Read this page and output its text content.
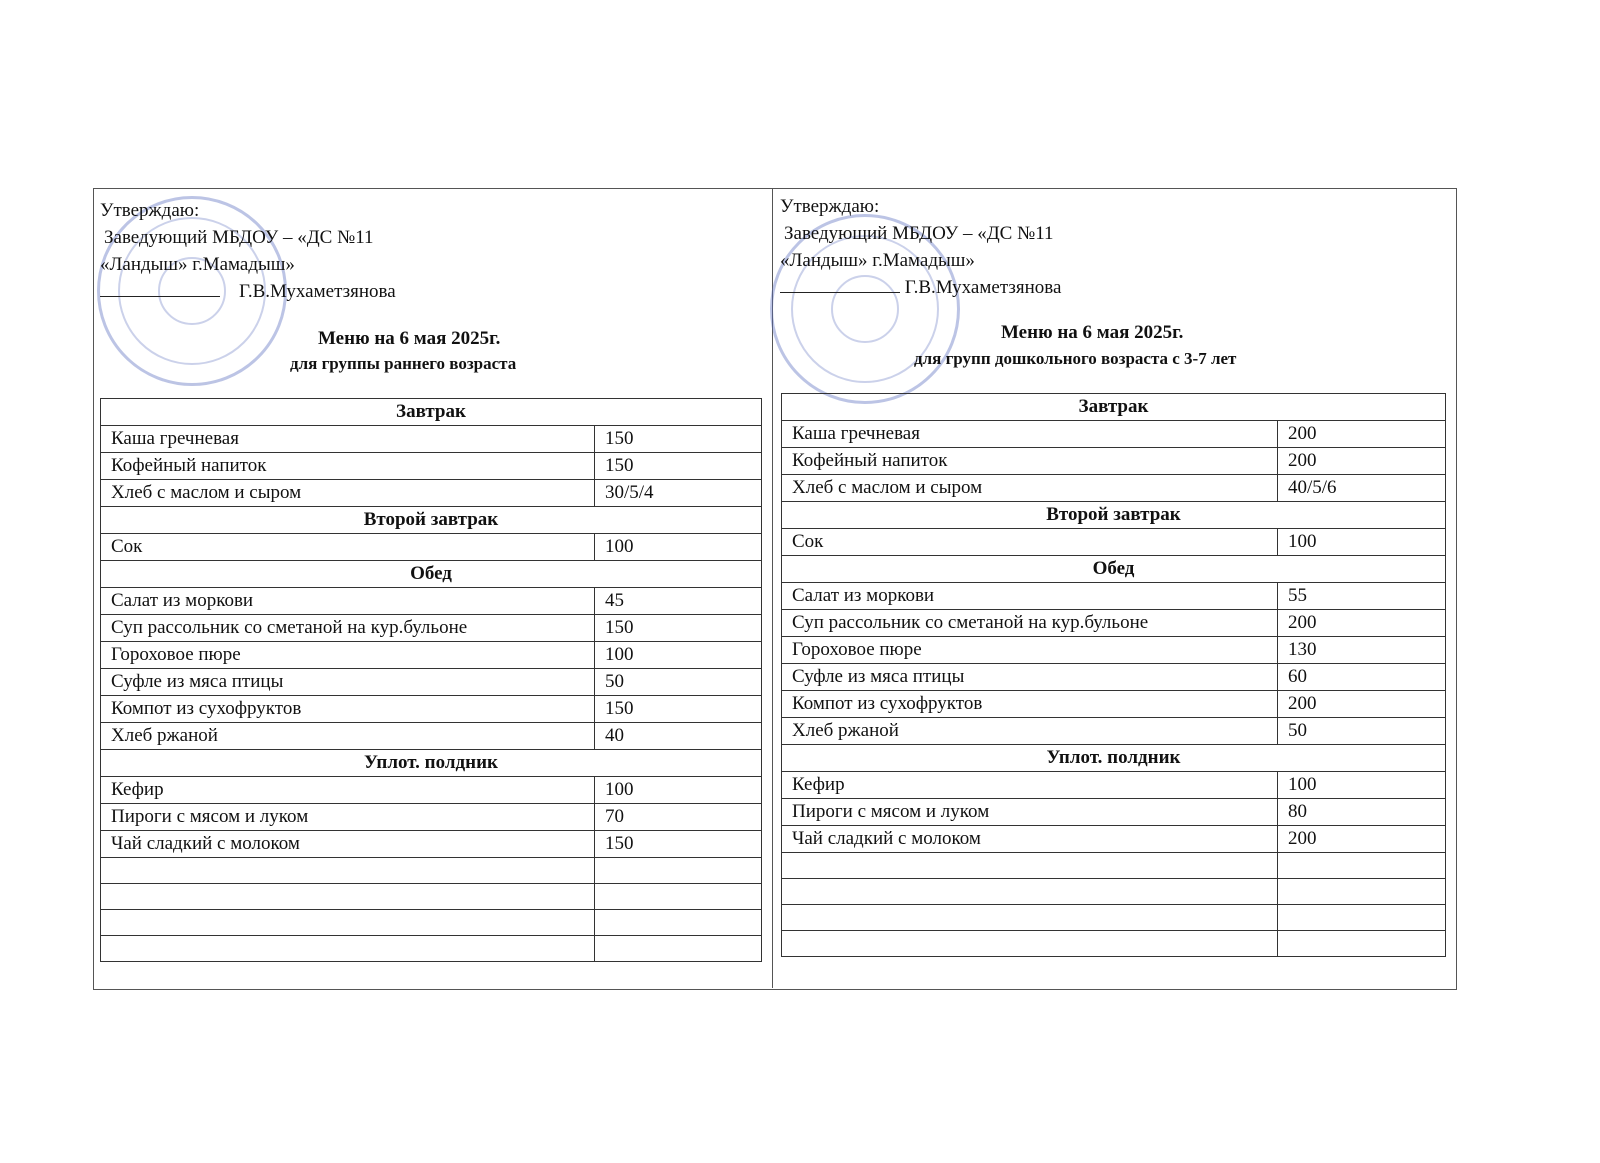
Утверждаю:
Заведующий МБДОУ – «ДС №11
«Ландыш» г.Мамадыш»
Г.В.Мухаметзянова
Меню на 6 мая 2025г.
для группы раннего возраста
Завтрак	
Каша гречневая	150
Кофейный напиток	150
Хлеб с маслом и сыром	30/5/4
Второй завтрак	
Сок	100
Обед	
Салат из моркови	45
Суп рассольник со сметаной на кур.бульоне	150
Гороховое пюре	100
Суфле из мяса птицы	50
Компот из сухофруктов	150
Хлеб ржаной	40
Уплот. полдник	
Кефир	100
Пироги с мясом и луком	70
Чай сладкий с молоком	150

Утверждаю:
Заведующий МБДОУ – «ДС №11
«Ландыш» г.Мамадыш»
Г.В.Мухаметзянова
Меню на 6 мая 2025г.
для групп дошкольного возраста с 3-7 лет
Завтрак	
Каша гречневая	200
Кофейный напиток	200
Хлеб с маслом и сыром	40/5/6
Второй завтрак	
Сок	100
Обед	
Салат из моркови	55
Суп рассольник со сметаной на кур.бульоне	200
Гороховое пюре	130
Суфле из мяса птицы	60
Компот из сухофруктов	200
Хлеб ржаной	50
Уплот. полдник	
Кефир	100
Пироги с мясом и луком	80
Чай сладкий с молоком	200
